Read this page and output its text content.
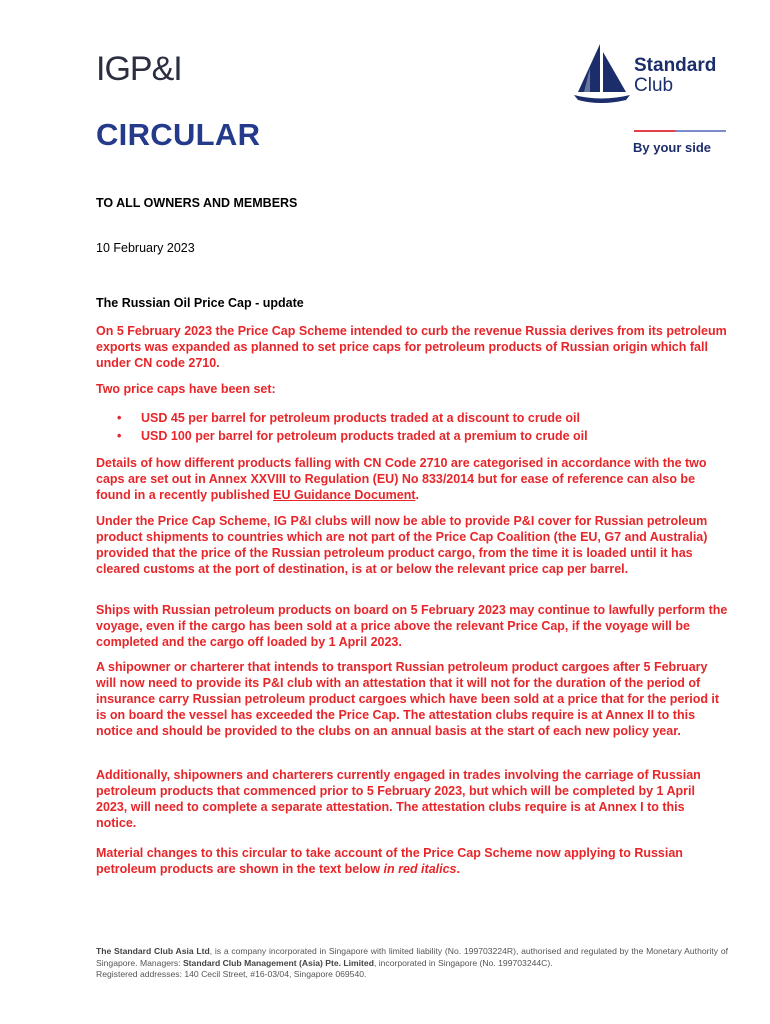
IGP&I	Standard
Club
By your side
CIRCULAR
TO ALL OWNERS AND MEMBERS
10 February 2023
The Russian Oil Price Cap - update

On 5 February 2023 the Price Cap Scheme intended to curb the revenue Russia derives from its petroleum exports was expanded as planned to set price caps for petroleum products of Russian origin which fall under CN code 2710.

Two price caps have been set:

• USD 45 per barrel for petroleum products traded at a discount to crude oil
• USD 100 per barrel for petroleum products traded at a premium to crude oil

Details of how different products falling with CN Code 2710 are categorised in accordance with the two caps are set out in Annex XXVIII to Regulation (EU) No 833/2014 but for ease of reference can also be found in a recently published EU Guidance Document.

Under the Price Cap Scheme, IG P&I clubs will now be able to provide P&I cover for Russian petroleum product shipments to countries which are not part of the Price Cap Coalition (the EU, G7 and Australia) provided that the price of the Russian petroleum product cargo, from the time it is loaded until it has cleared customs at the port of destination, is at or below the relevant price cap per barrel.

Ships with Russian petroleum products on board on 5 February 2023 may continue to lawfully perform the voyage, even if the cargo has been sold at a price above the relevant Price Cap, if the voyage will be completed and the cargo off loaded by 1 April 2023.

A shipowner or charterer that intends to transport Russian petroleum product cargoes after 5 February will now need to provide its P&I club with an attestation that it will not for the duration of the period of insurance carry Russian petroleum product cargoes which have been sold at a price that for the period it is on board the vessel has exceeded the Price Cap. The attestation clubs require is at Annex II to this notice and should be provided to the clubs on an annual basis at the start of each new policy year.

Additionally, shipowners and charterers currently engaged in trades involving the carriage of Russian petroleum products that commenced prior to 5 February 2023, but which will be completed by 1 April 2023, will need to complete a separate attestation. The attestation clubs require is at Annex I to this notice.

Material changes to this circular to take account of the Price Cap Scheme now applying to Russian petroleum products are shown in the text below in red italics.

The Standard Club Asia Ltd, is a company incorporated in Singapore with limited liability (No. 199703224R), authorised and regulated by the Monetary Authority of Singapore. Managers: Standard Club Management (Asia) Pte. Limited, incorporated in Singapore (No. 199703244C).
Registered addresses: 140 Cecil Street, #16-03/04, Singapore 069540.
